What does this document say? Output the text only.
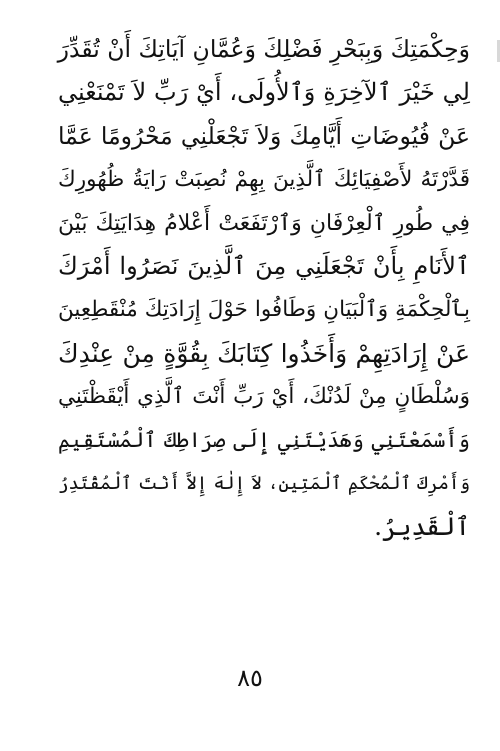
وَحِكْمَتِكَ وَبِبَحْرِ فَضْلِكَ وَعُمَّانِ آيَاتِكَ أَنْ تُقَدِّرَ
لِي خَيْرَ ٱلآخِرَةِ وَٱلأُولَى، أَيْ رَبِّ لاَ تَمْنَعْنِي
عَنْ فُيُوضَاتِ أَيَّامِكَ وَلاَ تَجْعَلْنِي مَحْرُومًا عَمَّا
قَدَّرْتَهُ لأَصْفِيَائِكَ ٱلَّذِينَ بِهِمْ نُصِبَتْ رَايَةُ ظُهُورِكَ
فِي طُورِ ٱلْعِرْفَانِ وَٱرْتَفَعَتْ أَعْلامُ هِدَايَتِكَ بَيْنَ
ٱلأَنَامِ بِأَنْ تَجْعَلَنِي مِنَ ٱلَّذِينَ نَصَرُوا أَمْرَكَ
بِٱلْحِكْمَةِ وَٱلْبَيَانِ وَطَافُوا حَوْلَ إِرَادَتِكَ مُنْقَطِعِينَ
عَنْ إِرَادَتِهِمْ وَأَخَذُوا كِتَابَكَ بِقُوَّةٍ مِنْ عِنْدِكَ
وَسُلْطَانٍ مِنْ لَدُنْكَ، أَيْ رَبِّ أَنْتَ ٱلَّذِي أَيْقَظْتَنِي
وَأَسْمَعْتَنِي وَهَدَيْتَنِي إِلَى صِرَاطِكَ ٱلْمُسْتَقِيمِ
وَأَمْرِكَ ٱلْمُحْكَمِ ٱلْمَتِينِ، لاَ إِلٰهَ إِلاَّ أَنْتَ ٱلْمُقْتَدِرُ
ٱلْقَدِيرُ.
٨٥
